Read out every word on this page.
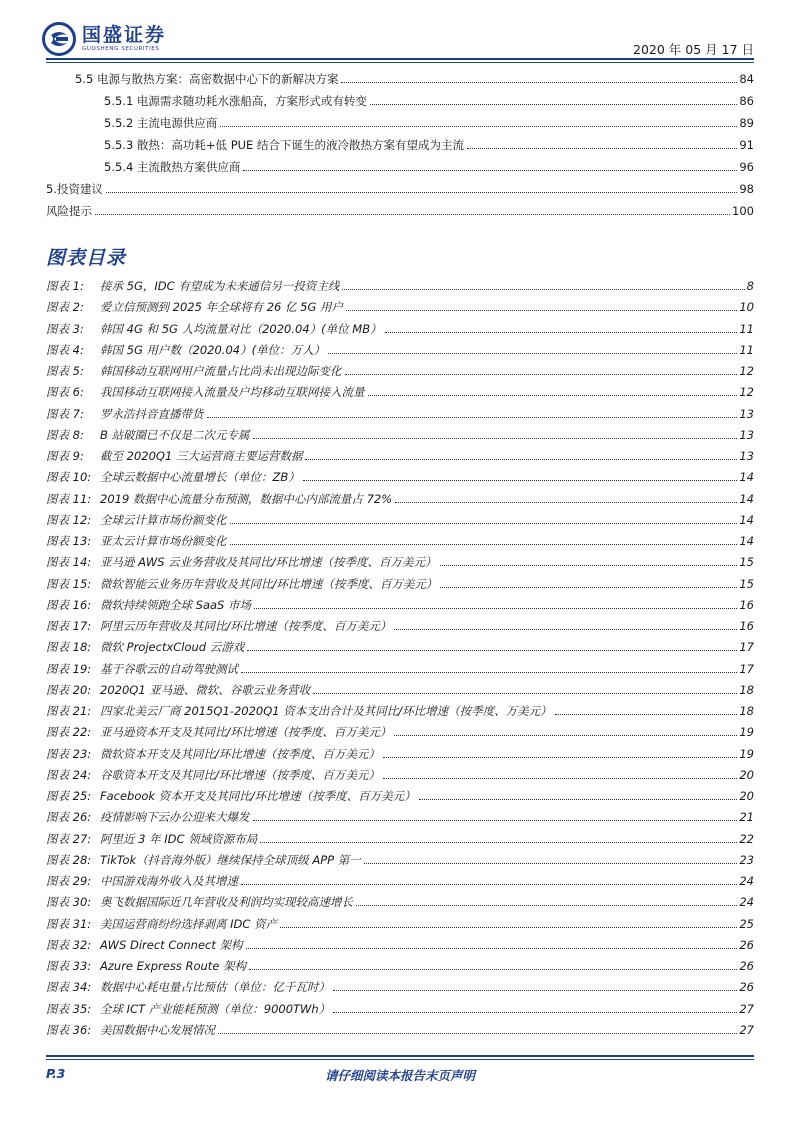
国盛证券
GUOSHENG SECURITIES	2020 年 05 月 17 日
5.5 电源与散热方案：高密数据中心下的新解决方案	84
5.5.1 电源需求随功耗水涨船高，方案形式或有转变	86
5.5.2 主流电源供应商	89
5.5.3 散热：高功耗+低 PUE 结合下诞生的液冷散热方案有望成为主流	91
5.5.4 主流散热方案供应商	96
5.投资建议	98
风险提示	100
图表目录
图表 1: 接承 5G，IDC 有望成为未来通信另一投资主线	8
图表 2: 爱立信预测到 2025 年全球将有 26 亿 5G 用户	10
图表 3: 韩国 4G 和 5G 人均流量对比（2020.04）(单位 MB）	11
图表 4: 韩国 5G 用户数（2020.04）(单位：万人）	11
图表 5: 韩国移动互联网用户流量占比尚未出现边际变化	12
图表 6: 我国移动互联网接入流量及户均移动互联网接入流量	12
图表 7: 罗永浩抖音直播带货	13
图表 8: B 站破圈已不仅是二次元专属	13
图表 9: 截至 2020Q1 三大运营商主要运营数据	13
图表 10: 全球云数据中心流量增长（单位：ZB）	14
图表 11: 2019 数据中心流量分布预测，数据中心内部流量占 72%	14
图表 12: 全球云计算市场份额变化	14
图表 13: 亚太云计算市场份额变化	14
图表 14: 亚马逊 AWS 云业务营收及其同比/环比增速（按季度、百万美元）	15
图表 15: 微软智能云业务历年营收及其同比/环比增速（按季度、百万美元）	15
图表 16: 微软持续领跑全球 SaaS 市场	16
图表 17: 阿里云历年营收及其同比/环比增速（按季度、百万美元）	16
图表 18: 微软 ProjectxCloud 云游戏	17
图表 19: 基于谷歌云的自动驾驶测试	17
图表 20: 2020Q1 亚马逊、微软、谷歌云业务营收	18
图表 21: 四家北美云厂商 2015Q1-2020Q1 资本支出合计及其同比/环比增速（按季度、万美元）	18
图表 22: 亚马逊资本开支及其同比/环比增速（按季度、百万美元）	19
图表 23: 微软资本开支及其同比/环比增速（按季度、百万美元）	19
图表 24: 谷歌资本开支及其同比/环比增速（按季度、百万美元）	20
图表 25: Facebook 资本开支及其同比/环比增速（按季度、百万美元）	20
图表 26: 疫情影响下云办公迎来大爆发	21
图表 27: 阿里近 3 年 IDC 领域资源布局	22
图表 28: TikTok（抖音海外版）继续保持全球顶级 APP 第一	23
图表 29: 中国游戏海外收入及其增速	24
图表 30: 奥飞数据国际近几年营收及利润均实现较高速增长	24
图表 31: 美国运营商纷纷选择剥离 IDC 资产	25
图表 32: AWS Direct Connect 架构	26
图表 33: Azure Express Route 架构	26
图表 34: 数据中心耗电量占比预估（单位：亿千瓦时）	26
图表 35: 全球 ICT 产业能耗预测（单位：9000TWh）	27
图表 36: 美国数据中心发展情况	27
P.3	请仔细阅读本报告末页声明
